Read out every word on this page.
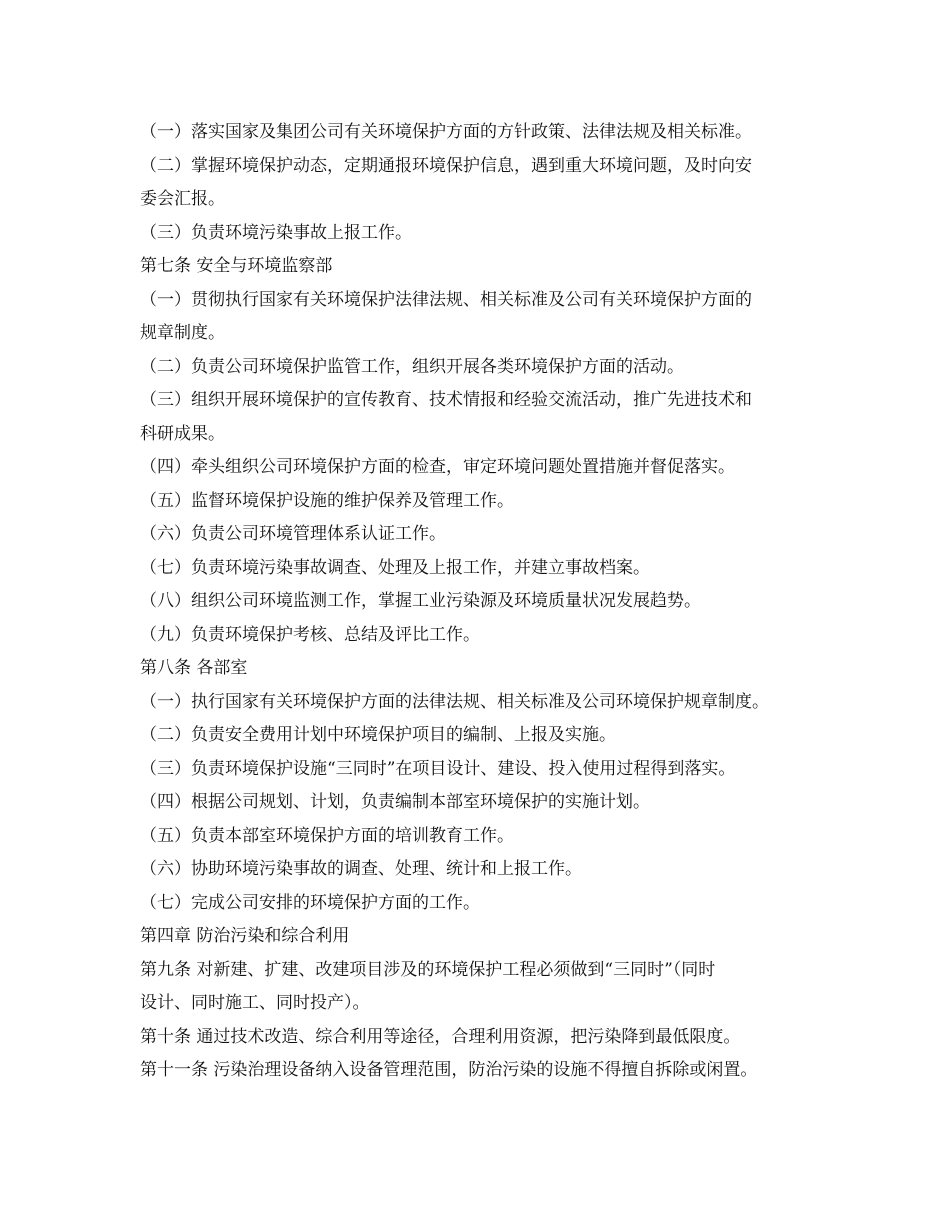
（一）落实国家及集团公司有关环境保护方面的方针政策、法律法规及相关标准。
（二）掌握环境保护动态，定期通报环境保护信息，遇到重大环境问题，及时向安
委会汇报。
（三）负责环境污染事故上报工作。
第七条 安全与环境监察部
（一）贯彻执行国家有关环境保护法律法规、相关标准及公司有关环境保护方面的
规章制度。
（二）负责公司环境保护监管工作，组织开展各类环境保护方面的活动。
（三）组织开展环境保护的宣传教育、技术情报和经验交流活动，推广先进技术和
科研成果。
（四）牵头组织公司环境保护方面的检查，审定环境问题处置措施并督促落实。
（五）监督环境保护设施的维护保养及管理工作。
（六）负责公司环境管理体系认证工作。
（七）负责环境污染事故调查、处理及上报工作，并建立事故档案。
（八）组织公司环境监测工作，掌握工业污染源及环境质量状况发展趋势。
（九）负责环境保护考核、总结及评比工作。
第八条 各部室
（一）执行国家有关环境保护方面的法律法规、相关标准及公司环境保护规章制度。
（二）负责安全费用计划中环境保护项目的编制、上报及实施。
（三）负责环境保护设施“三同时”在项目设计、建设、投入使用过程得到落实。
（四）根据公司规划、计划，负责编制本部室环境保护的实施计划。
（五）负责本部室环境保护方面的培训教育工作。
（六）协助环境污染事故的调查、处理、统计和上报工作。
（七）完成公司安排的环境保护方面的工作。
第四章 防治污染和综合利用
第九条 对新建、扩建、改建项目涉及的环境保护工程必须做到“三同时”（同时
设计、同时施工、同时投产）。
第十条 通过技术改造、综合利用等途径，合理利用资源，把污染降到最低限度。
第十一条 污染治理设备纳入设备管理范围，防治污染的设施不得擅自拆除或闲置。
